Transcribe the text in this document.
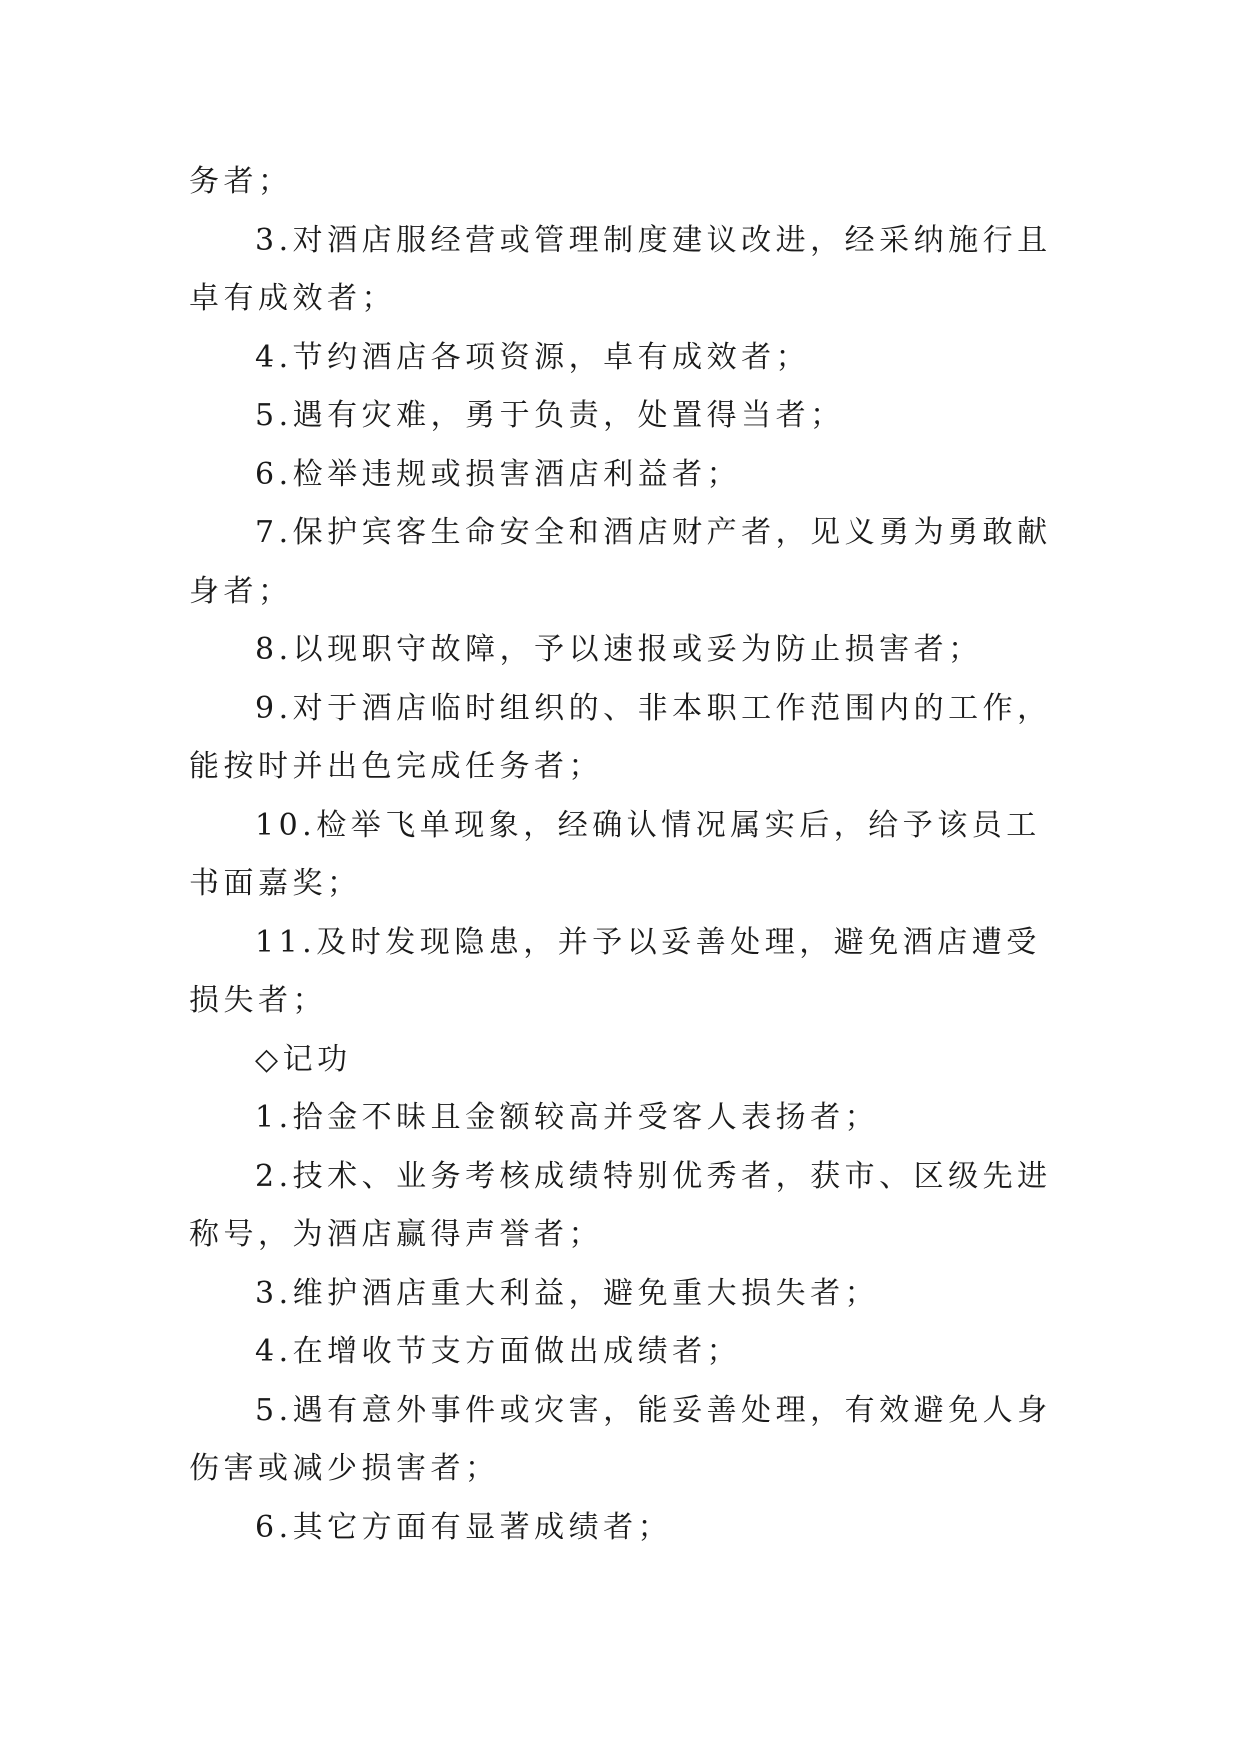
务者；

3.对酒店服经营或管理制度建议改进，经采纳施行且卓有成效者；

4.节约酒店各项资源，卓有成效者；

5.遇有灾难，勇于负责，处置得当者；

6.检举违规或损害酒店利益者；

7.保护宾客生命安全和酒店财产者，见义勇为勇敢献身者；

8.以现职守故障，予以速报或妥为防止损害者；

9.对于酒店临时组织的、非本职工作范围内的工作，能按时并出色完成任务者；

10.检举飞单现象，经确认情况属实后，给予该员工书面嘉奖；

11.及时发现隐患，并予以妥善处理，避免酒店遭受损失者；

◇记功

1.拾金不昧且金额较高并受客人表扬者；

2.技术、业务考核成绩特别优秀者，获市、区级先进称号，为酒店赢得声誉者；

3.维护酒店重大利益，避免重大损失者；

4.在增收节支方面做出成绩者；

5.遇有意外事件或灾害，能妥善处理，有效避免人身伤害或减少损害者；

6.其它方面有显著成绩者；
